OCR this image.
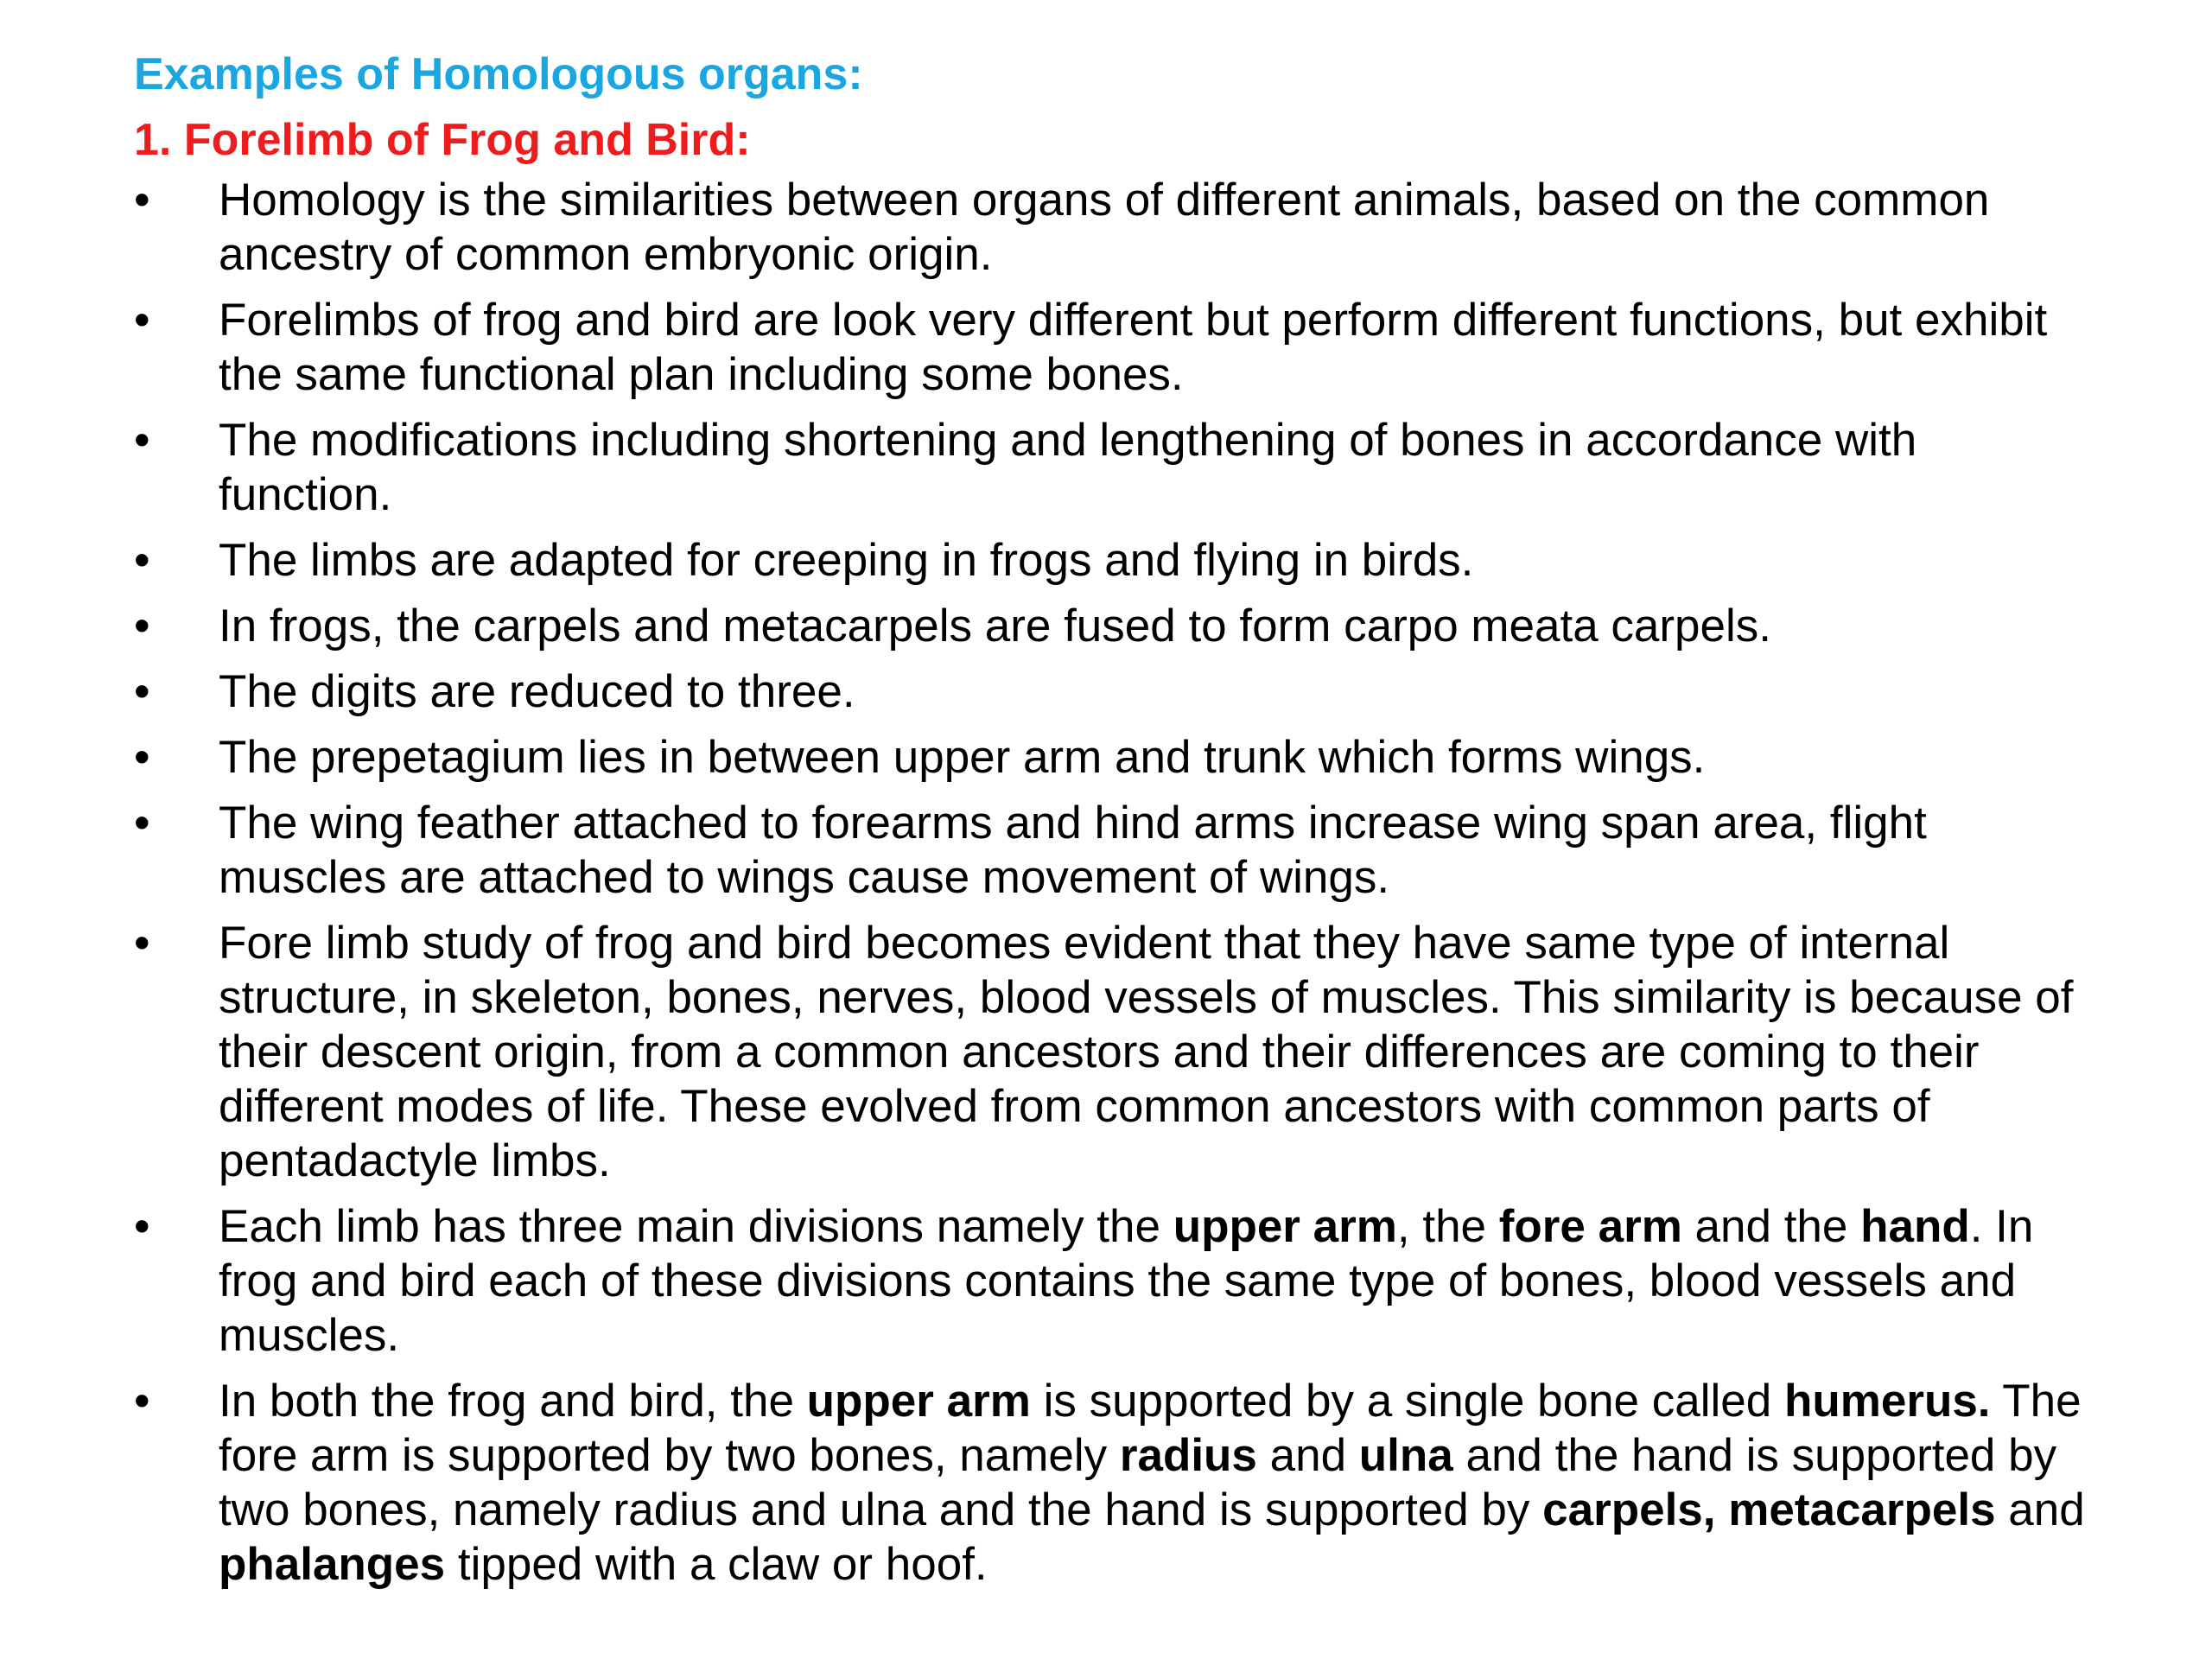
Examples of Homologous organs:
1. Forelimb of Frog and Bird:
• Homology is the similarities between organs of different animals, based on the common ancestry of common embryonic origin.
• Forelimbs of frog and bird are look very different but perform different functions, but exhibit the same functional plan including some bones.
• The modifications including shortening and lengthening of bones in accordance with function.
• The limbs are adapted for creeping in frogs and flying in birds.
• In frogs, the carpels and metacarpels are fused to form carpo meata carpels.
• The digits are reduced to three.
• The prepetagium lies in between upper arm and trunk which forms wings.
• The wing feather attached to forearms and hind arms increase wing span area, flight muscles are attached to wings cause movement of wings.
• Fore limb study of frog and bird becomes evident that they have same type of internal structure, in skeleton, bones, nerves, blood vessels of muscles. This similarity is because of their descent origin, from a common ancestors and their differences are coming to their different modes of life. These evolved from common ancestors with common parts of pentadactyle limbs.
• Each limb has three main divisions namely the upper arm, the fore arm and the hand. In frog and bird each of these divisions contains the same type of bones, blood vessels and muscles.
• In both the frog and bird, the upper arm is supported by a single bone called humerus. The fore arm is supported by two bones, namely radius and ulna and the hand is supported by two bones, namely radius and ulna and the hand is supported by carpels, metacarpels and phalanges tipped with a claw or hoof.
